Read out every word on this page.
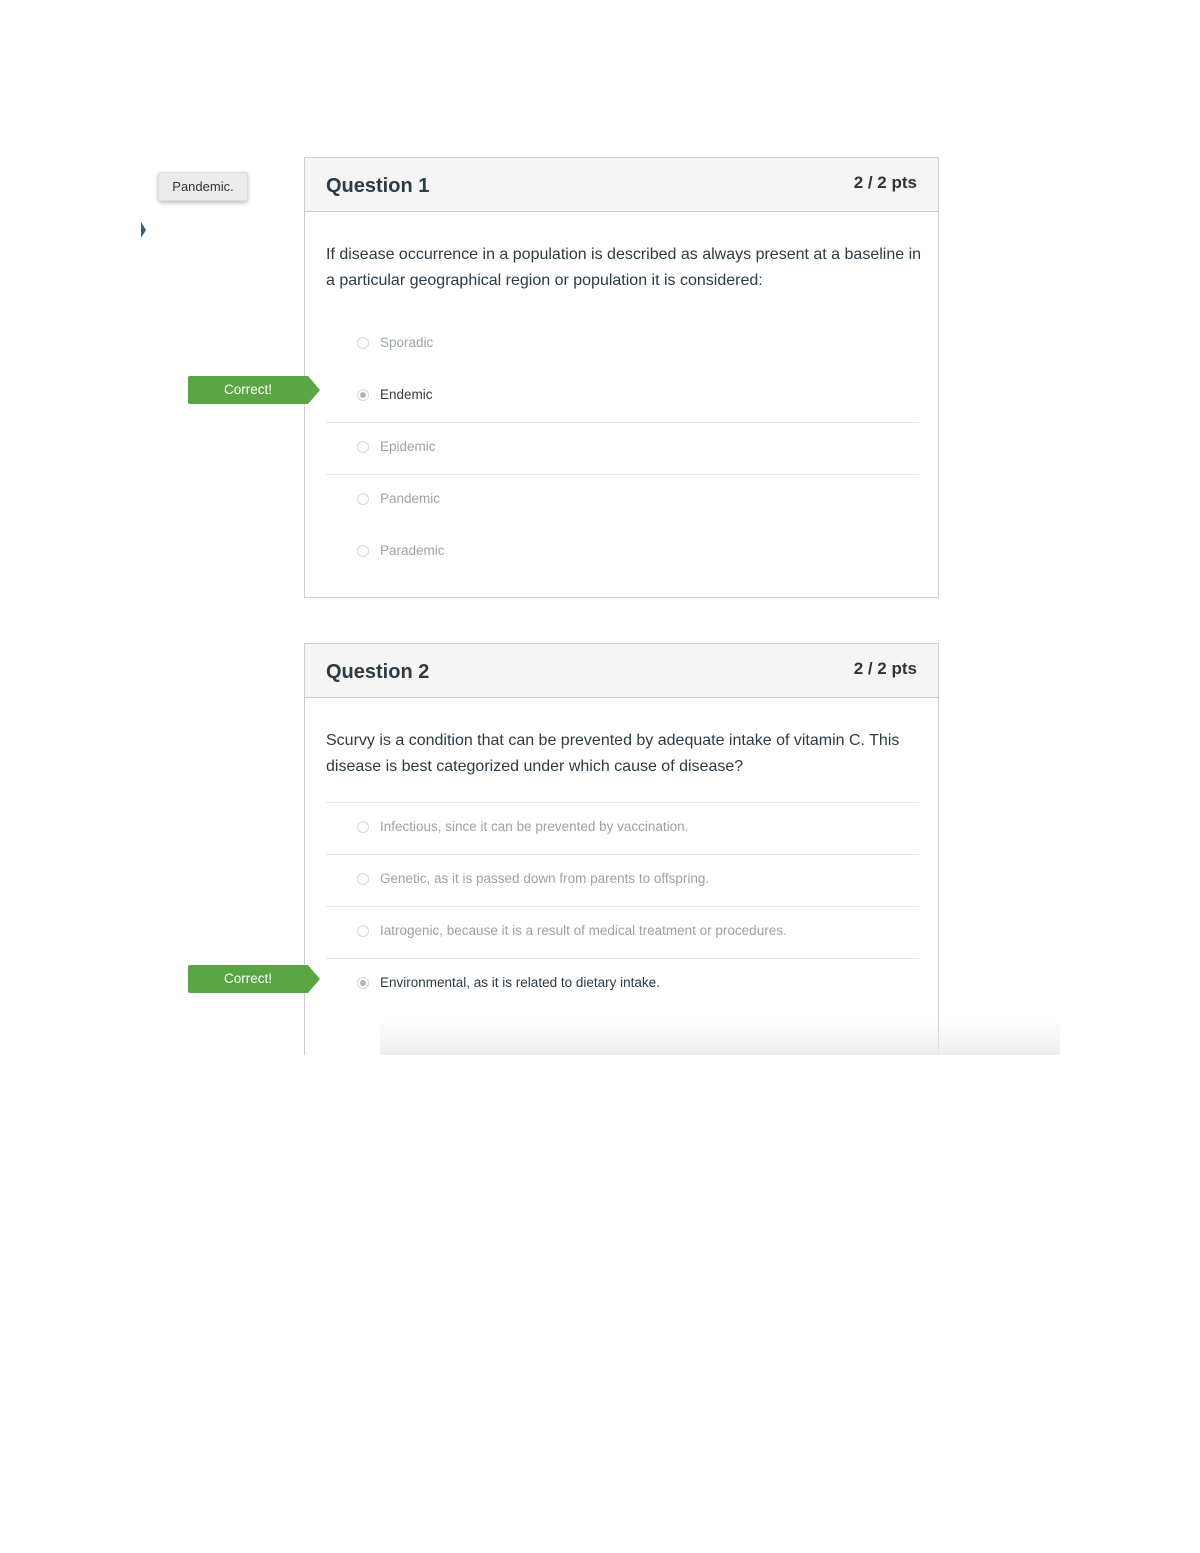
Pandemic.	Question 1	2 / 2 pts
If disease occurrence in a population is described as always present at a baseline in a particular geographical region or population it is considered:
Sporadic
Endemic
Epidemic
Pandemic
Parademic
Correct!
Question 2	2 / 2 pts
Scurvy is a condition that can be prevented by adequate intake of vitamin C. This disease is best categorized under which cause of disease?
Infectious, since it can be prevented by vaccination.
Genetic, as it is passed down from parents to offspring.
Iatrogenic, because it is a result of medical treatment or procedures.
Environmental, as it is related to dietary intake.
Correct!
